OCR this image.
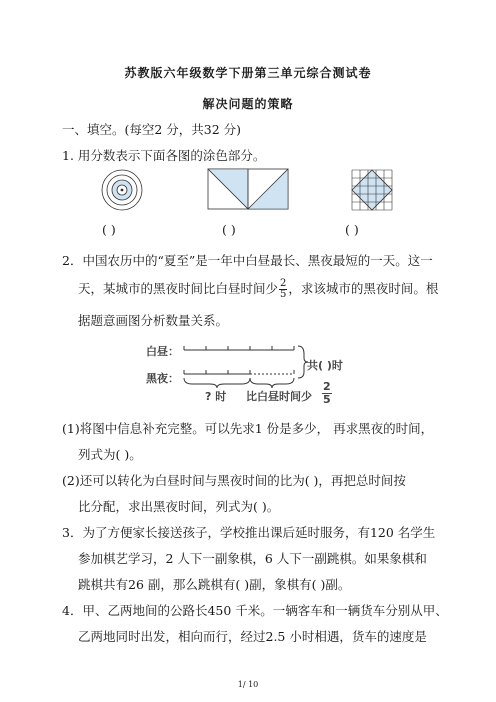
苏教版六年级数学下册第三单元综合测试卷
解决问题的策略
一、填空。(每空2 分，共32 分)
1. 用分数表示下面各图的涂色部分。
( )	( )	( )
2．中国农历中的“夏至”是一年中白昼最长、黑夜最短的一天。这一
天，某城市的黑夜时间比白昼时间少 $\frac{2}{5}$ ，求该城市的黑夜时间。根
据题意画图分析数量关系。
白昼：
黑夜：
共( )时
? 时 比白昼时间少
2
5
(1)将图中信息补充完整。可以先求1 份是多少， 再求黑夜的时间，
列式为( )。
(2)还可以转化为白昼时间与黑夜时间的比为( )，再把总时间按
比分配，求出黑夜时间，列式为( )。
3．为了方便家长接送孩子，学校推出课后延时服务，有120 名学生
参加棋艺学习，2 人下一副象棋，6 人下一副跳棋。如果象棋和
跳棋共有26 副，那么跳棋有( )副，象棋有( )副。
4．甲、乙两地间的公路长450 千米。一辆客车和一辆货车分别从甲、
乙两地同时出发，相向而行，经过2.5 小时相遇，货车的速度是
1/ 10
